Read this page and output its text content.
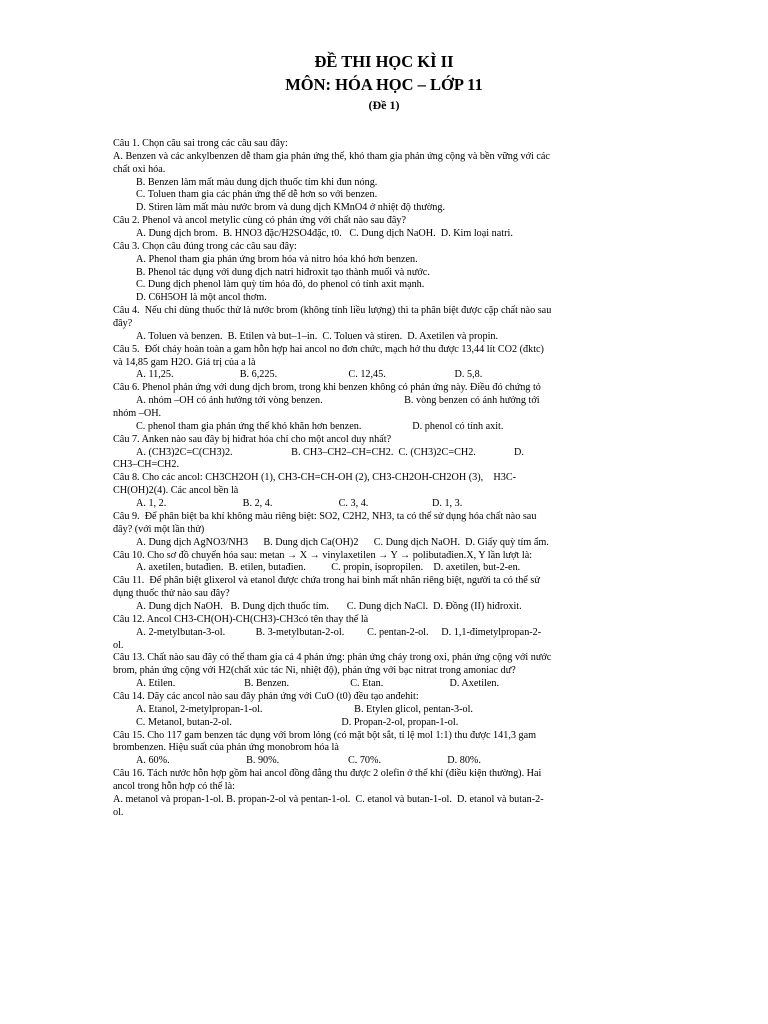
ĐỀ THI HỌC KÌ II
MÔN: HÓA HỌC – LỚP 11
(Đề 1)
Câu 1. Chọn câu sai trong các câu sau đây:
A. Benzen và các ankylbenzen dễ tham gia phản ứng thế, khó tham gia phản ứng cộng và bền vững với các
chất oxi hóa.
B. Benzen làm mất màu dung dịch thuốc tím khi đun nóng.
C. Toluen tham gia các phản ứng thế dễ hơn so với benzen.
D. Stiren làm mất màu nước brom và dung dịch KMnO4 ở nhiệt độ thường.
Câu 2. Phenol và ancol metylic cùng có phản ứng với chất nào sau đây?
A. Dung dịch brom.  B. HNO3 đặc/H2SO4đặc, t0.   C. Dung dịch NaOH.  D. Kim loại natri.
Câu 3. Chọn câu đúng trong các câu sau đây:
A. Phenol tham gia phản ứng brom hóa và nitro hóa khó hơn benzen.
B. Phenol tác dụng với dung dịch natri hiđroxit tạo thành muối và nước.
C. Dung dịch phenol làm quỳ tím hóa đỏ, do phenol có tính axit mạnh.
D. C6H5OH là một ancol thơm.
Câu 4.  Nếu chỉ dùng thuốc thử là nước brom (không tính liều lượng) thì ta phân biệt được cặp chất nào sau
đây?
A. Toluen và benzen.  B. Etilen và but–1–in.  C. Toluen và stiren.  D. Axetilen và propin.
Câu 5.  Đốt cháy hoàn toàn a gam hỗn hợp hai ancol no đơn chức, mạch hở thu được 13,44 lít CO2 (đktc)
và 14,85 gam H2O. Giá trị của a là
A. 11,25.                          B. 6,225.                            C. 12,45.                           D. 5,8.
Câu 6. Phenol phản ứng với dung dịch brom, trong khi benzen không có phản ứng này. Điều đó chứng tỏ
A. nhóm –OH có ảnh hưởng tới vòng benzen.                                B. vòng benzen có ảnh hưởng tới
nhóm –OH.
C. phenol tham gia phản ứng thế khó khăn hơn benzen.                    D. phenol có tính axit.
Câu 7. Anken nào sau đây bị hiđrat hóa chỉ cho một ancol duy nhất?
A. (CH3)2C=C(CH3)2.                       B. CH3–CH2–CH=CH2.  C. (CH3)2C=CH2.               D.
CH3–CH=CH2.
Câu 8. Cho các ancol: CH3CH2OH (1), CH3-CH=CH-OH (2), CH3-CH2OH-CH2OH (3),    H3C-
CH(OH)2(4). Các ancol bền là
A. 1, 2.                              B. 2, 4.                          C. 3, 4.                         D. 1, 3.
Câu 9.  Để phân biệt ba khí không màu riêng biệt: SO2, C2H2, NH3, ta có thể sử dụng hóa chất nào sau
đây? (với một lần thử)
A. Dung dịch AgNO3/NH3      B. Dung dịch Ca(OH)2      C. Dung dịch NaOH.  D. Giấy quỳ tím ẩm.
Câu 10. Cho sơ đồ chuyển hóa sau: metan → X → vinylaxetilen → Y → polibutađien.X, Y lần lượt là:
A. axetilen, butađien.  B. etilen, butađien.          C. propin, isopropilen.    D. axetilen, but-2-en.
Câu 11.  Để phân biệt glixerol và etanol được chứa trong hai bình mất nhãn riêng biệt, người ta có thể sử
dụng thuốc thử nào sau đây?
A. Dung dịch NaOH.   B. Dung dịch thuốc tím.       C. Dung dịch NaCl.  D. Đồng (II) hiđroxit.
Câu 12. Ancol CH3-CH(OH)-CH(CH3)-CH3có tên thay thế là
A. 2-metylbutan-3-ol.            B. 3-metylbutan-2-ol.         C. pentan-2-ol.     D. 1,1-đimetylpropan-2-
ol.
Câu 13. Chất nào sau đây có thể tham gia cả 4 phản ứng: phản ứng cháy trong oxi, phản ứng cộng với nước
brom, phản ứng cộng với H2(chất xúc tác Ni, nhiệt độ), phản ứng với bạc nitrat trong amoniac dư?
A. Etilen.                           B. Benzen.                        C. Etan.                          D. Axetilen.
Câu 14. Dãy các ancol nào sau đây phản ứng với CuO (t0) đều tạo anđehit:
A. Etanol, 2-metylpropan-1-ol.                                    B. Etylen glicol, pentan-3-ol.
C. Metanol, butan-2-ol.                                           D. Propan-2-ol, propan-1-ol.
Câu 15. Cho 117 gam benzen tác dụng với brom lỏng (có mặt bột sắt, tỉ lệ mol 1:1) thu được 141,3 gam
brombenzen. Hiệu suất của phản ứng monobrom hóa là
A. 60%.                              B. 90%.                           C. 70%.                          D. 80%.
Câu 16. Tách nước hỗn hợp gồm hai ancol đồng đẳng thu được 2 olefin ở thể khí (điều kiện thường). Hai
ancol trong hỗn hợp có thể là:
A. metanol và propan-1-ol. B. propan-2-ol và pentan-1-ol.  C. etanol và butan-1-ol.  D. etanol và butan-2-
ol.
